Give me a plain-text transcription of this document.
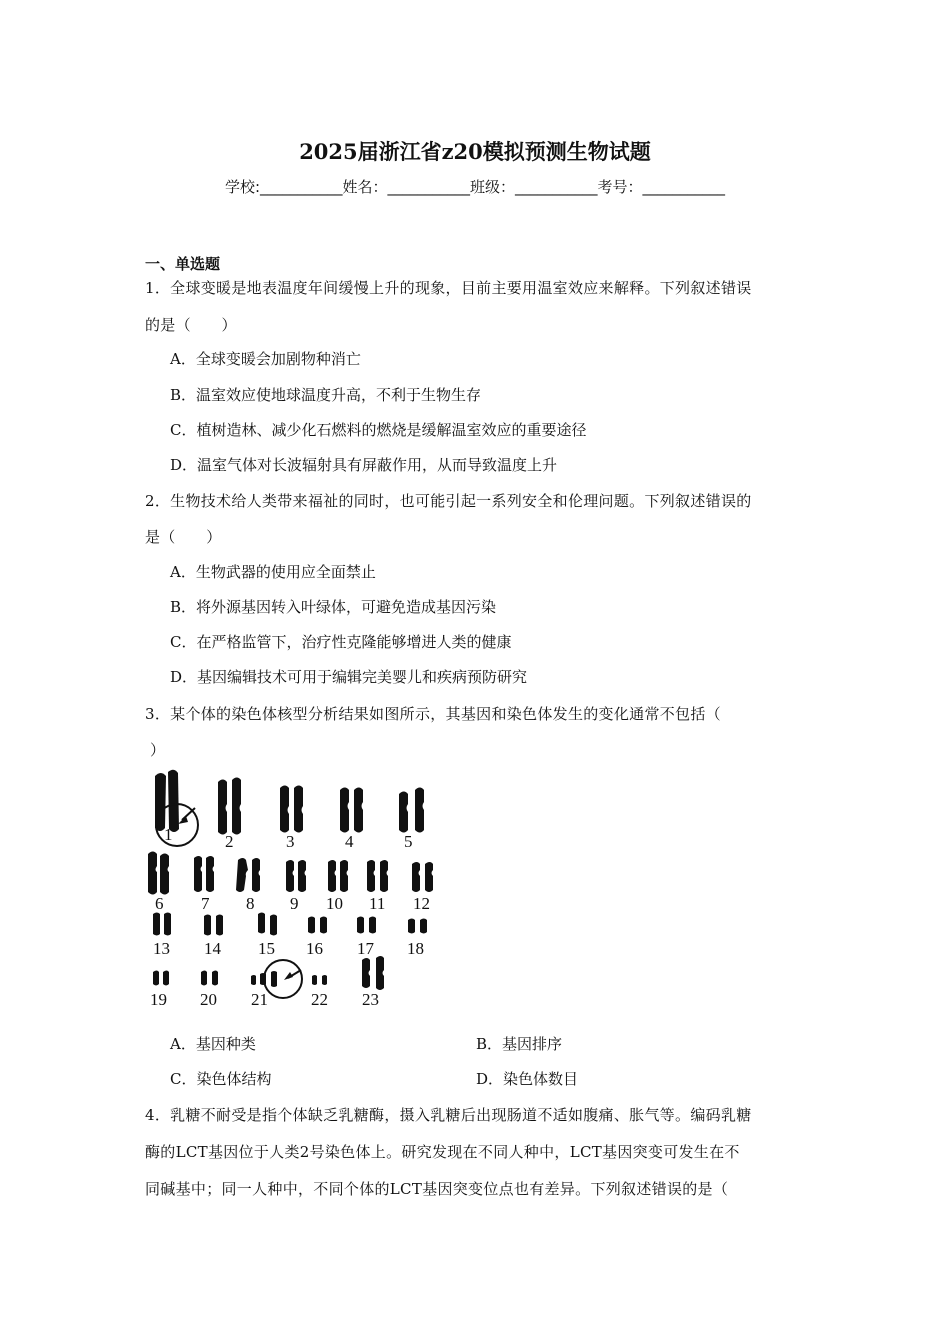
2025届浙江省z20模拟预测生物试题
学校:___________姓名：___________班级：___________考号：___________
一、单选题
1．全球变暖是地表温度年间缓慢上升的现象，目前主要用温室效应来解释。下列叙述错误
的是（　　）
A．全球变暖会加剧物种消亡
B．温室效应使地球温度升高，不利于生物生存
C．植树造林、减少化石燃料的燃烧是缓解温室效应的重要途径
D．温室气体对长波辐射具有屏蔽作用，从而导致温度上升
2．生物技术给人类带来福祉的同时，也可能引起一系列安全和伦理问题。下列叙述错误的
是（　　）
A．生物武器的使用应全面禁止
B．将外源基因转入叶绿体，可避免造成基因污染
C．在严格监管下，治疗性克隆能够增进人类的健康
D．基因编辑技术可用于编辑完美婴儿和疾病预防研究
3．某个体的染色体核型分析结果如图所示，其基因和染色体发生的变化通常不包括（
）
1	2	3	4	5
6 7 8 9 10 11 12
13 14 15 16 17 18
19 20 21	22 23
A．基因种类	B．基因排序
C．染色体结构	D．染色体数目
4．乳糖不耐受是指个体缺乏乳糖酶，摄入乳糖后出现肠道不适如腹痛、胀气等。编码乳糖
酶的LCT基因位于人类2号染色体上。研究发现在不同人种中，LCT基因突变可发生在不
同碱基中；同一人种中，不同个体的LCT基因突变位点也有差异。下列叙述错误的是（
